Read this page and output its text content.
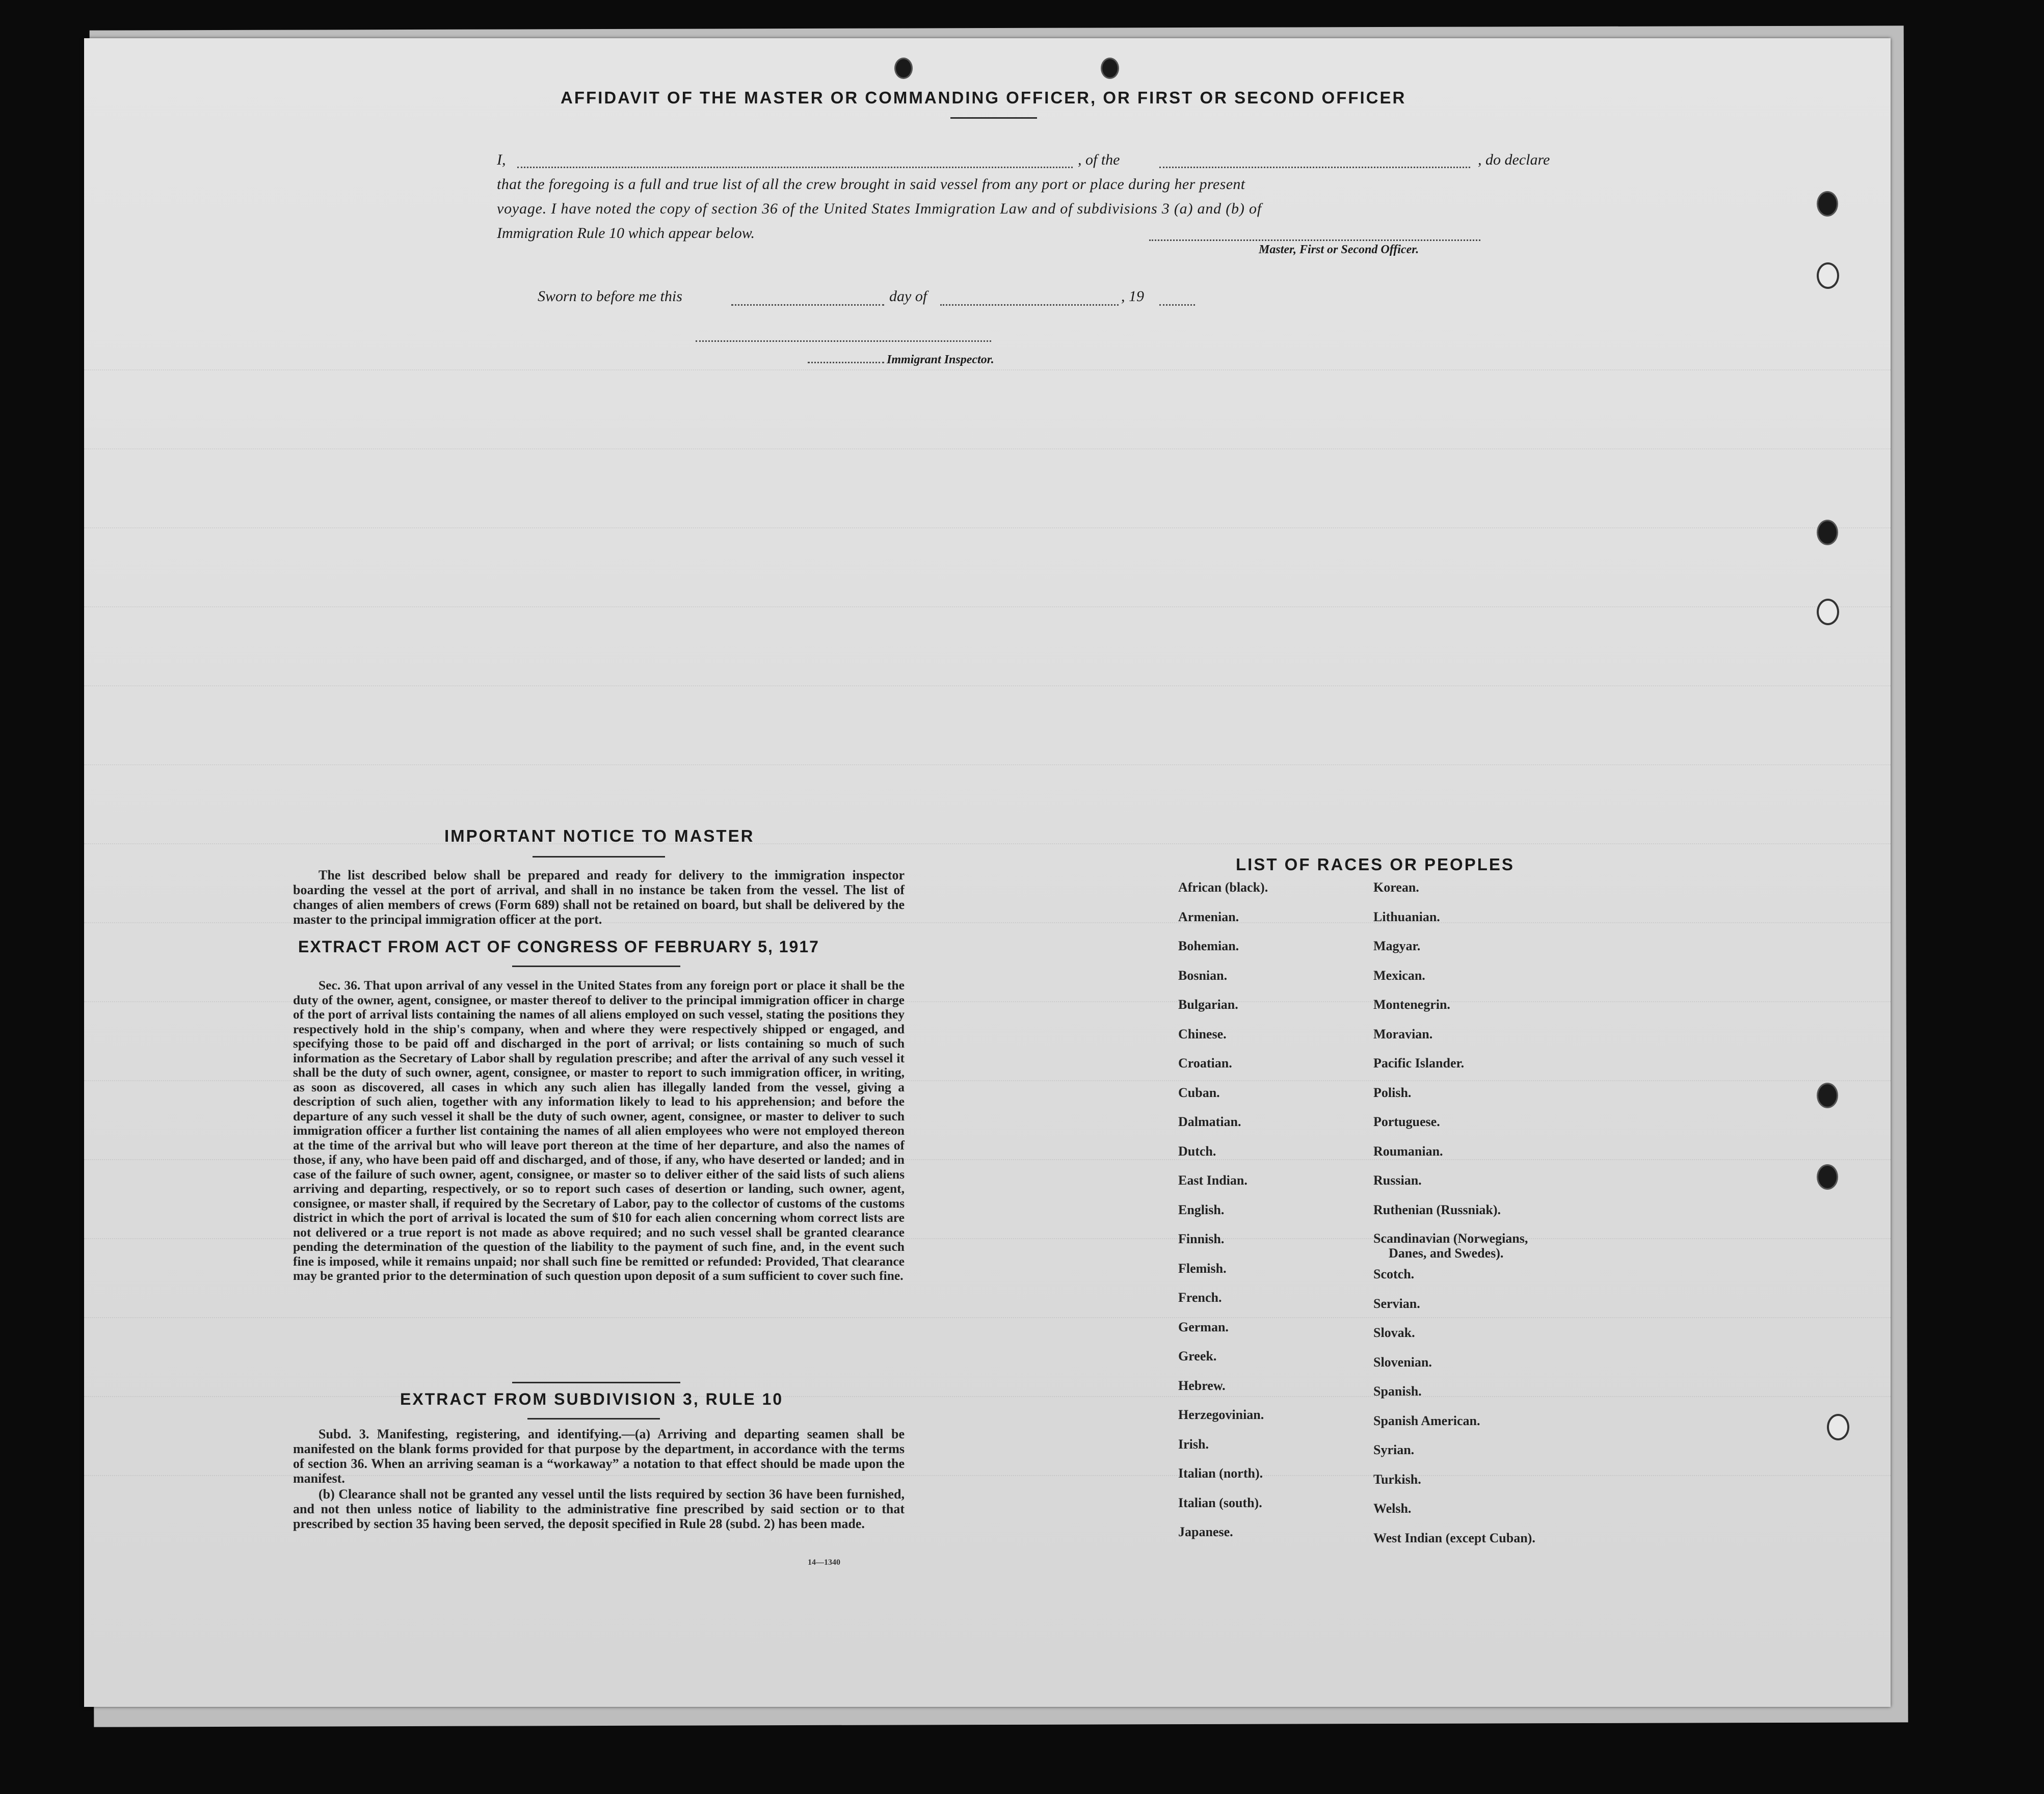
AFFIDAVIT OF THE MASTER OR COMMANDING OFFICER, OR FIRST OR SECOND OFFICER
I,	, of the	, do declare
that the foregoing is a full and true list of all the crew brought in said vessel from any port or place during her present
voyage. I have noted the copy of section 36 of the United States Immigration Law and of subdivisions 3 (a) and (b) of
Immigration Rule 10 which appear below.
Master, First or Second Officer.
Sworn to before me this	day of	, 19
Immigrant Inspector.
IMPORTANT NOTICE TO MASTER
The list described below shall be prepared and ready for delivery to the immigration inspector boarding the vessel at the port of arrival, and shall in no instance be taken from the vessel. The list of changes of alien members of crews (Form 689) shall not be retained on board, but shall be delivered by the master to the principal immigration officer at the port.
EXTRACT FROM ACT OF CONGRESS OF FEBRUARY 5, 1917
Sec. 36. That upon arrival of any vessel in the United States from any foreign port or place it shall be the duty of the owner, agent, consignee, or master thereof to deliver to the principal immigration officer in charge of the port of arrival lists containing the names of all aliens employed on such vessel, stating the positions they respectively hold in the ship's company, when and where they were respectively shipped or engaged, and specifying those to be paid off and discharged in the port of arrival; or lists containing so much of such information as the Secretary of Labor shall by regulation prescribe; and after the arrival of any such vessel it shall be the duty of such owner, agent, consignee, or master to report to such immigration officer, in writing, as soon as discovered, all cases in which any such alien has illegally landed from the vessel, giving a description of such alien, together with any information likely to lead to his apprehension; and before the departure of any such vessel it shall be the duty of such owner, agent, consignee, or master to deliver to such immigration officer a further list containing the names of all alien employees who were not employed thereon at the time of the arrival but who will leave port thereon at the time of her departure, and also the names of those, if any, who have been paid off and discharged, and of those, if any, who have deserted or landed; and in case of the failure of such owner, agent, consignee, or master so to deliver either of the said lists of such aliens arriving and departing, respectively, or so to report such cases of desertion or landing, such owner, agent, consignee, or master shall, if required by the Secretary of Labor, pay to the collector of customs of the customs district in which the port of arrival is located the sum of $10 for each alien concerning whom correct lists are not delivered or a true report is not made as above required; and no such vessel shall be granted clearance pending the determination of the question of the liability to the payment of such fine, and, in the event such fine is imposed, while it remains unpaid; nor shall such fine be remitted or refunded: Provided, That clearance may be granted prior to the determination of such question upon deposit of a sum sufficient to cover such fine.
EXTRACT FROM SUBDIVISION 3, RULE 10
Subd. 3. Manifesting, registering, and identifying.—(a) Arriving and departing seamen shall be manifested on the blank forms provided for that purpose by the department, in accordance with the terms of section 36. When an arriving seaman is a “workaway” a notation to that effect should be made upon the manifest.
(b) Clearance shall not be granted any vessel until the lists required by section 36 have been furnished, and not then unless notice of liability to the administrative fine prescribed by said section or to that prescribed by section 35 having been served, the deposit specified in Rule 28 (subd. 2) has been made.
14—1340
LIST OF RACES OR PEOPLES
African (black).
Armenian.
Bohemian.
Bosnian.
Bulgarian.
Chinese.
Croatian.
Cuban.
Dalmatian.
Dutch.
East Indian.
English.
Finnish.
Flemish.
French.
German.
Greek.
Hebrew.
Herzegovinian.
Irish.
Italian (north).
Italian (south).
Japanese.
Korean.
Lithuanian.
Magyar.
Mexican.
Montenegrin.
Moravian.
Pacific Islander.
Polish.
Portuguese.
Roumanian.
Russian.
Ruthenian (Russniak).
Scandinavian (Norwegians,
Danes, and Swedes).
Scotch.
Servian.
Slovak.
Slovenian.
Spanish.
Spanish American.
Syrian.
Turkish.
Welsh.
West Indian (except Cuban).
